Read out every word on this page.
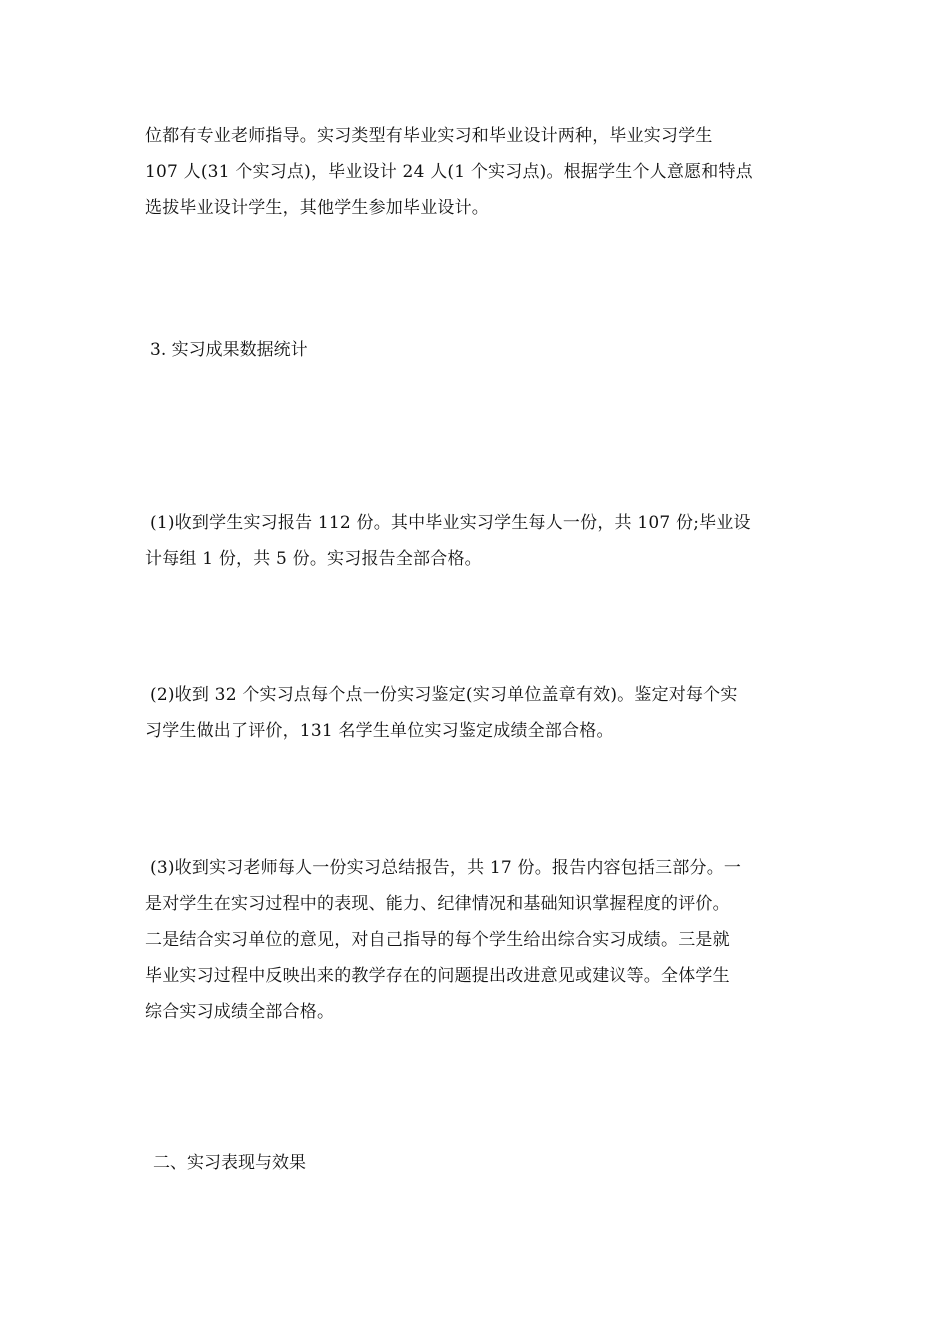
位都有专业老师指导。实习类型有毕业实习和毕业设计两种，毕业实习学生
107 人(31 个实习点)，毕业设计 24 人(1 个实习点)。根据学生个人意愿和特点
选拔毕业设计学生，其他学生参加毕业设计。
3. 实习成果数据统计
(1)收到学生实习报告 112 份。其中毕业实习学生每人一份，共 107 份;毕业设
计每组 1 份，共 5 份。实习报告全部合格。
(2)收到 32 个实习点每个点一份实习鉴定(实习单位盖章有效)。鉴定对每个实
习学生做出了评价，131 名学生单位实习鉴定成绩全部合格。
(3)收到实习老师每人一份实习总结报告，共 17 份。报告内容包括三部分。一
是对学生在实习过程中的表现、能力、纪律情况和基础知识掌握程度的评价。
二是结合实习单位的意见，对自己指导的每个学生给出综合实习成绩。三是就
毕业实习过程中反映出来的教学存在的问题提出改进意见或建议等。全体学生
综合实习成绩全部合格。
二、实习表现与效果
